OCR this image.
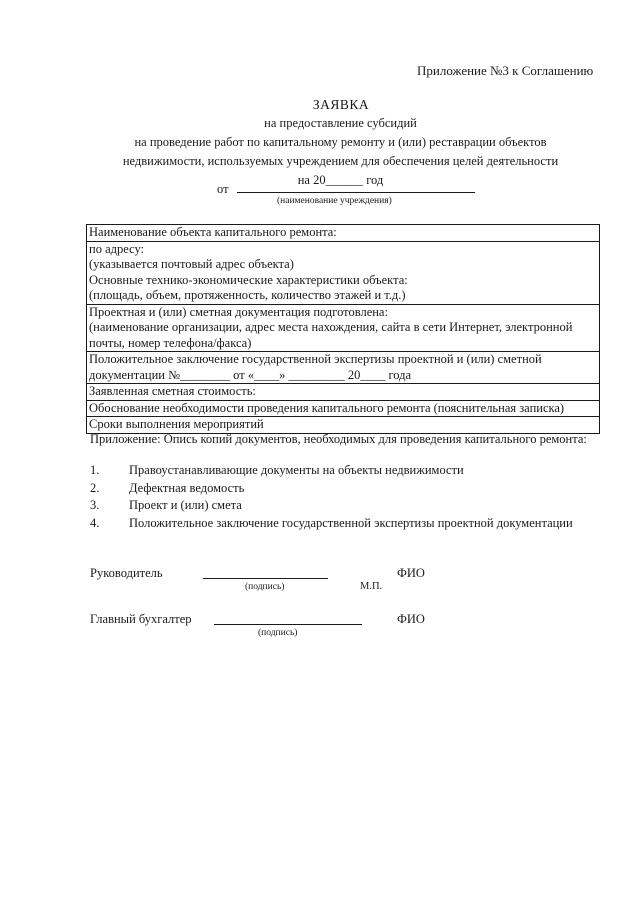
Приложение №3 к Соглашению
ЗАЯВКА
на предоставление субсидий
на проведение работ по капитальному ремонту и (или) реставрации объектов
недвижимости, используемых учреждением для обеспечения целей деятельности
на 20______ год
от
(наименование учреждения)
Наименование объекта капитального ремонта:

по адресу:
(указывается почтовый адрес объекта)
Основные технико-экономические характеристики объекта:
(площадь, объем, протяженность, количество этажей и т.д.)

Проектная и (или) сметная документация подготовлена:
(наименование организации, адрес места нахождения, сайта в сети Интернет, электронной почты, номер телефона/факса)

Положительное заключение государственной экспертизы проектной и (или) сметной
документации №________ от «____» _________ 20____ года

Заявленная сметная стоимость:

Обоснование необходимости проведения капитального ремонта (пояснительная записка)

Сроки выполнения мероприятий
Приложение: Опись копий документов, необходимых для проведения капитального ремонта:
1. Правоустанавливающие документы на объекты недвижимости
2. Дефектная ведомость
3. Проект и (или) смета
4. Положительное заключение государственной экспертизы проектной документации
Руководитель
(подпись)	М.П.
ФИО
Главный бухгалтер
(подпись)
ФИО
